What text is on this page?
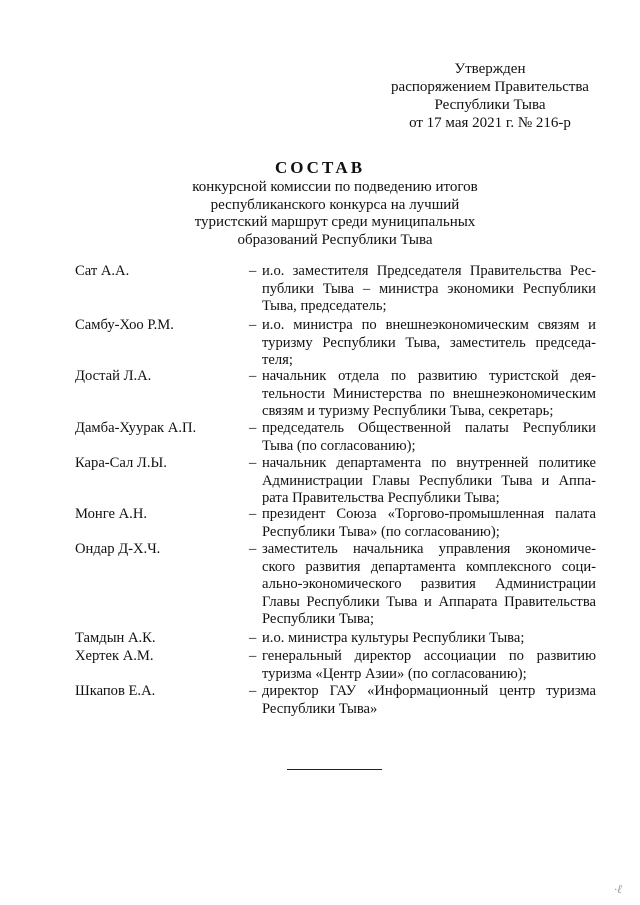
Утвержден
распоряжением Правительства
Республики Тыва
от 17 мая 2021 г. № 216-р
СОСТАВ
конкурсной комиссии по подведению итогов
республиканского конкурса на лучший
туристский маршрут среди муниципальных
образований Республики Тыва
Сат А.А.	– и.о. заместителя Председателя Правительства Рес-
публики Тыва – министра экономики Республики
Тыва, председатель;
Самбу-Хоо Р.М.	– и.о. министра по внешнеэкономическим связям и
туризму Республики Тыва, заместитель председа-
теля;
Достай Л.А.	– начальник отдела по развитию туристской дея-
тельности Министерства по внешнеэкономическим
связям и туризму Республики Тыва, секретарь;
Дамба-Хуурак А.П.	– председатель Общественной палаты Республики
Тыва (по согласованию);
Кара-Сал Л.Ы.	– начальник департамента по внутренней политике
Администрации Главы Республики Тыва и Аппа-
рата Правительства Республики Тыва;
Монге А.Н.	– президент Союза «Торгово-промышленная палата
Республики Тыва» (по согласованию);
Ондар Д-Х.Ч.	– заместитель начальника управления экономиче-
ского развития департамента комплексного соци-
ально-экономического развития Администрации
Главы Республики Тыва и Аппарата Правительства
Республики Тыва;
Тамдын А.К.	– и.о. министра культуры Республики Тыва;
Хертек А.М.	– генеральный директор ассоциации по развитию
туризма «Центр Азии» (по согласованию);
Шкапов Е.А.	– директор ГАУ «Информационный центр туризма
Республики Тыва»
·ℓ
